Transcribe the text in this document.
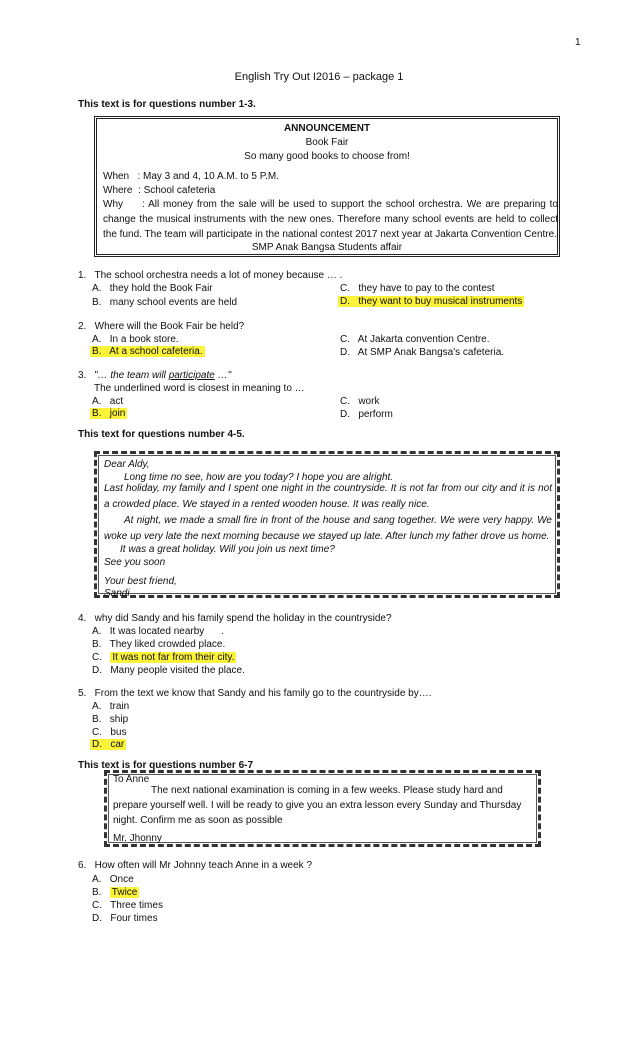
1
English Try Out I2016 – package 1
This text is for questions number 1-3.
ANNOUNCEMENT
Book Fair
So many good books to choose from!
When   : May 3 and 4, 10 A.M. to 5 P.M.
Where  : School cafeteria
Why     : All money from the sale will be used to support the school orchestra. We are preparing to change the musical instruments with the new ones. Therefore many school events are held to collect the fund. The team will participate in the national contest 2017 next year at Jakarta Convention Centre.
SMP Anak Bangsa Students affair
1.   The school orchestra needs a lot of money because … .
A.   they hold the Book Fair	C.   they have to pay to the contest
B.   many school events are held	D.   they want to buy musical instruments
2.   Where will the Book Fair be held?
A.   In a book store.	C.   At Jakarta convention Centre.
B.   At a school cafeteria.	D.   At SMP Anak Bangsa's cafeteria.
3. "… the team will participate …"
The underlined word is closest in meaning to …
A.   act	C.   work
B.   join	D.   perform
This text for questions number 4-5.
Dear Aldy,
Long time no see, how are you today? I hope you are alright.
Last holiday, my family and I spent one night in the countryside. It is not far from our city and it is not a crowded place. We stayed in a rented wooden house. It was really nice.
At night, we made a small fire in front of the house and sang together. We were very happy. We woke up very late the next morning because we stayed up late. After lunch my father drove us home.
It was a great holiday. Will you join us next time?
See you soon
Your best friend,
Sandi
4.   why did Sandy and his family spend the holiday in the countryside?
A.   It was located nearby      .
B.   They liked crowded place.
C.   It was not far from their city.
D.   Many people visited the place.
5.   From the text we know that Sandy and his family go to the countryside by….
A.   train
B.   ship
C.   bus
D.   car
This text is for questions number 6-7
To Anne
The next national examination is coming in a few weeks. Please study hard and prepare yourself well. I will be ready to give you an extra lesson every Sunday and Thursday night. Confirm me as soon as possible
Mr. Jhonny
6.   How often will Mr Johnny teach Anne in a week ?
A.   Once
B.   Twice
C.   Three times
D.   Four times
